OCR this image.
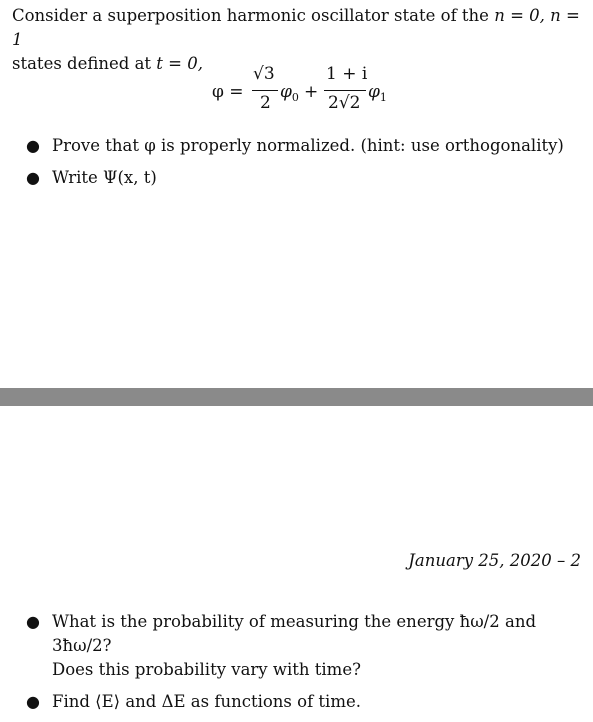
Consider a superposition harmonic oscillator state of the n = 0, n = 1
states defined at t = 0,
φ =
√3
2
$\varphi_0$ +
1 + i
2√2
$\varphi_1$
● Prove that φ is properly normalized. (hint: use orthogonality)
● Write Ψ(x, t)
January 25, 2020 – 2
● What is the probability of measuring the energy ħω/2 and 3ħω/2?
Does this probability vary with time?
● Find ⟨E⟩ and ΔE as functions of time.
